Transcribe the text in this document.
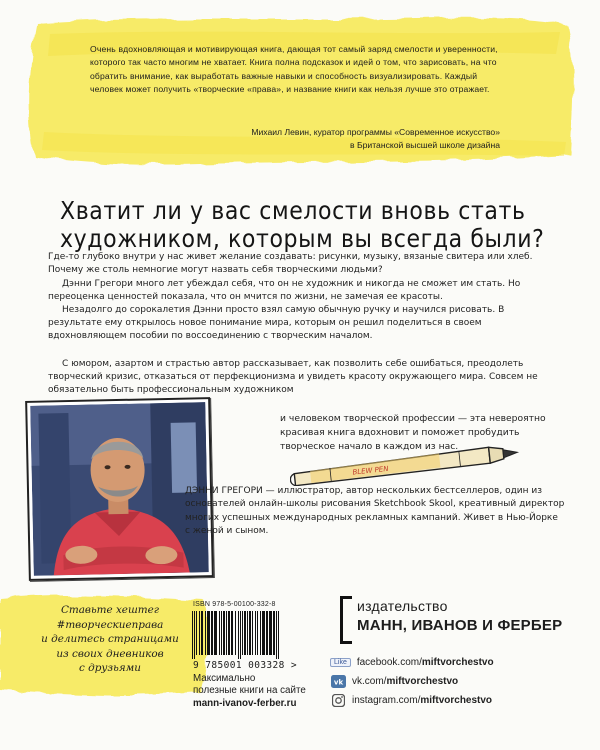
Очень вдохновляющая и мотивирующая книга, дающая тот самый заряд смелости и уверенности, которого так часто многим не хватает. Книга полна подсказок и идей о том, что зарисовать, на что обратить внимание, как выработать важные навыки и способность визуализировать. Каждый человек может получить «творческие «права», и название книги как нельзя лучше это отражает.
Михаил Левин, куратор программы «Современное искусство»
в Британской высшей школе дизайна
Хватит ли у вас смелости вновь стать
художником, которым вы всегда были?
Где-то глубоко внутри у нас живет желание создавать: рисунки, музыку, вязаные свитера или хлеб. Почему же столь немногие могут назвать себя творческими людьми?
Дэнни Грегори много лет убеждал себя, что он не художник и никогда не сможет им стать. Но переоценка ценностей показала, что он мчится по жизни, не замечая ее красоты.
Незадолго до сорокалетия Дэнни просто взял самую обычную ручку и научился рисовать. В результате ему открылось новое понимание мира, которым он решил поделиться в своем вдохновляющем пособии по воссоединению с творческим началом.
С юмором, азартом и страстью автор рассказывает, как позволить себе ошибаться, преодолеть творческий кризис, отказаться от перфекционизма и увидеть красоту окружающего мира. Совсем не обязательно быть профессиональным художником
и человеком творческой профессии — эта невероятно красивая книга вдохновит и поможет пробудить творческое начало в каждом из нас.
BLEW PEN
ДЭННИ ГРЕГОРИ — иллюстратор, автор нескольких бестселлеров, один из основателей онлайн-школы рисования Sketchbook Skool, креативный директор многих успешных международных рекламных кампаний. Живет в Нью-Йорке с женой и сыном.
Ставьте хештег
#творческиеправа
и делитесь страницами
из своих дневников
с друзьями
ISBN 978-5-00100-332-8
9 785001 003328 >
Максимально
полезные книги на сайте
mann-ivanov-ferber.ru
издательство
МАНН, ИВАНОВ И ФЕРБЕР
Like	facebook.com/ miftvorchestvo
vk vk.com/ miftvorchestvo
instagram.com/ miftvorchestvo
